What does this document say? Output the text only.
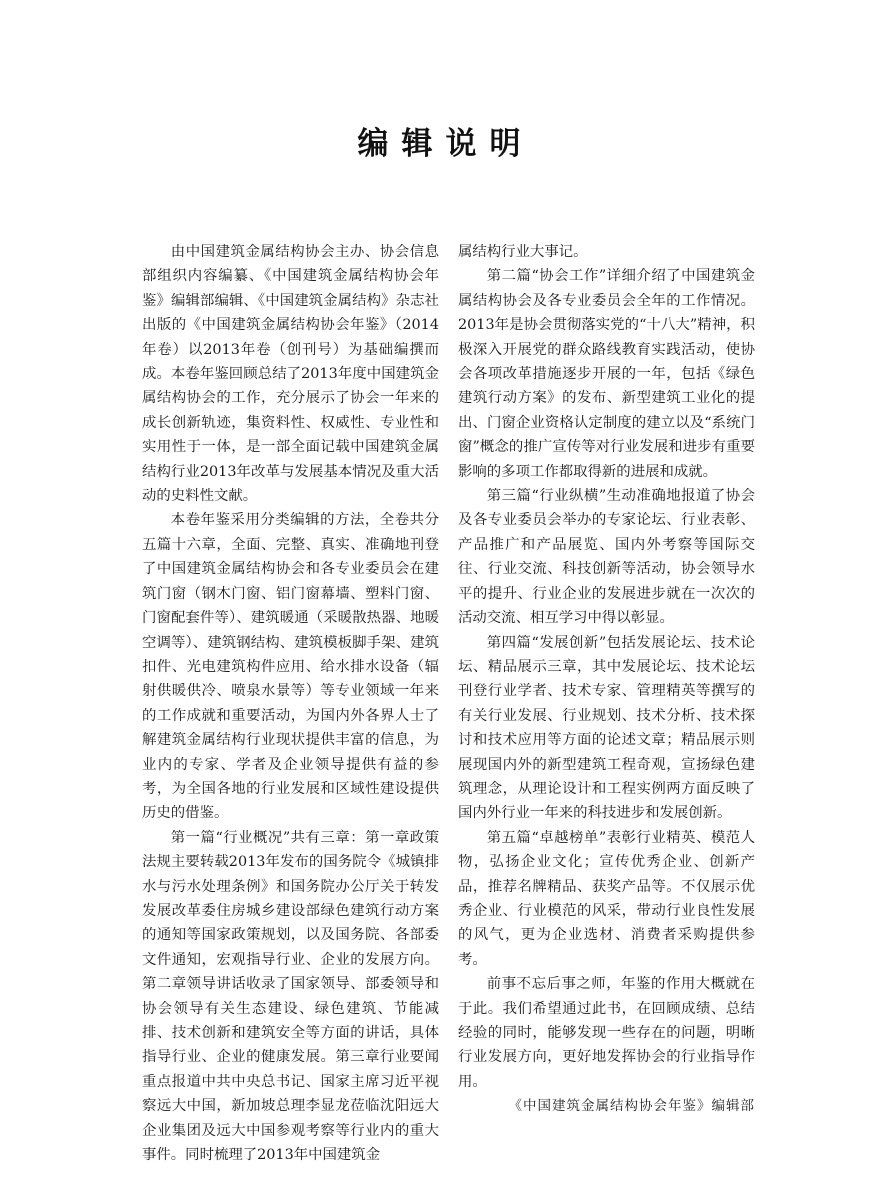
编辑说明

由中国建筑金属结构协会主办、协会信息部组织内容编纂、《中国建筑金属结构协会年鉴》编辑部编辑、《中国建筑金属结构》杂志社出版的《中国建筑金属结构协会年鉴》（2014年卷）以2013年卷（创刊号）为基础编撰而成。本卷年鉴回顾总结了2013年度中国建筑金属结构协会的工作，充分展示了协会一年来的成长创新轨迹，集资料性、权威性、专业性和实用性于一体，是一部全面记载中国建筑金属结构行业2013年改革与发展基本情况及重大活动的史料性文献。

本卷年鉴采用分类编辑的方法，全卷共分五篇十六章，全面、完整、真实、准确地刊登了中国建筑金属结构协会和各专业委员会在建筑门窗（钢木门窗、铝门窗幕墙、塑料门窗、门窗配套件等）、建筑暖通（采暖散热器、地暖空调等）、建筑钢结构、建筑模板脚手架、建筑扣件、光电建筑构件应用、给水排水设备（辐射供暖供冷、喷泉水景等）等专业领域一年来的工作成就和重要活动，为国内外各界人士了解建筑金属结构行业现状提供丰富的信息，为业内的专家、学者及企业领导提供有益的参考，为全国各地的行业发展和区域性建设提供历史的借鉴。

第一篇“行业概况”共有三章：第一章政策法规主要转载2013年发布的国务院令《城镇排水与污水处理条例》和国务院办公厅关于转发发展改革委住房城乡建设部绿色建筑行动方案的通知等国家政策规划，以及国务院、各部委文件通知，宏观指导行业、企业的发展方向。第二章领导讲话收录了国家领导、部委领导和协会领导有关生态建设、绿色建筑、节能减排、技术创新和建筑安全等方面的讲话，具体指导行业、企业的健康发展。第三章行业要闻重点报道中共中央总书记、国家主席习近平视察远大中国，新加坡总理李显龙莅临沈阳远大企业集团及远大中国参观考察等行业内的重大事件。同时梳理了2013年中国建筑金

属结构行业大事记。

第二篇“协会工作”详细介绍了中国建筑金属结构协会及各专业委员会全年的工作情况。2013年是协会贯彻落实党的“十八大”精神，积极深入开展党的群众路线教育实践活动，使协会各项改革措施逐步开展的一年，包括《绿色建筑行动方案》的发布、新型建筑工业化的提出、门窗企业资格认定制度的建立以及“系统门窗”概念的推广宣传等对行业发展和进步有重要影响的多项工作都取得新的进展和成就。

第三篇“行业纵横”生动准确地报道了协会及各专业委员会举办的专家论坛、行业表彰、产品推广和产品展览、国内外考察等国际交往、行业交流、科技创新等活动，协会领导水平的提升、行业企业的发展进步就在一次次的活动交流、相互学习中得以彰显。

第四篇“发展创新”包括发展论坛、技术论坛、精品展示三章，其中发展论坛、技术论坛刊登行业学者、技术专家、管理精英等撰写的有关行业发展、行业规划、技术分析、技术探讨和技术应用等方面的论述文章；精品展示则展现国内外的新型建筑工程奇观，宣扬绿色建筑理念，从理论设计和工程实例两方面反映了国内外行业一年来的科技进步和发展创新。

第五篇“卓越榜单”表彰行业精英、模范人物，弘扬企业文化；宣传优秀企业、创新产品，推荐名牌精品、获奖产品等。不仅展示优秀企业、行业模范的风采，带动行业良性发展的风气，更为企业选材、消费者采购提供参考。

前事不忘后事之师，年鉴的作用大概就在于此。我们希望通过此书，在回顾成绩、总结经验的同时，能够发现一些存在的问题，明晰行业发展方向，更好地发挥协会的行业指导作用。

《中国建筑金属结构协会年鉴》编辑部
